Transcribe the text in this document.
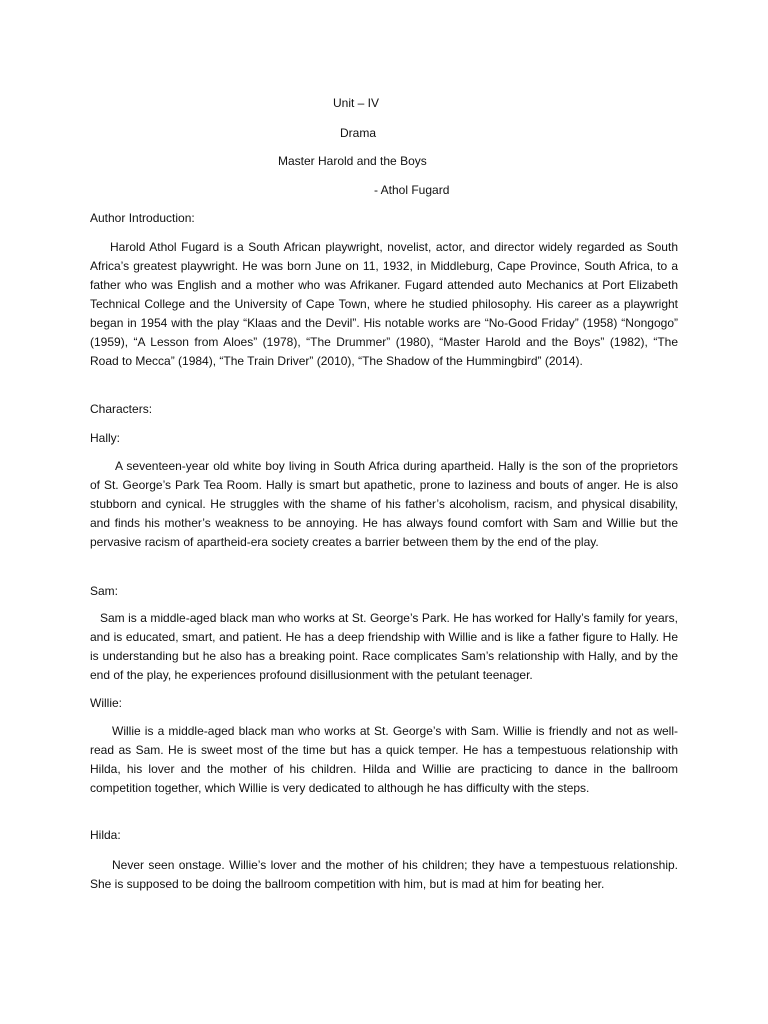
Unit – IV
Drama
Master Harold and the Boys
- Athol Fugard

Author Introduction:

Harold Athol Fugard is a South African playwright, novelist, actor, and director widely regarded as South Africa’s greatest playwright. He was born June on 11, 1932, in Middleburg, Cape Province, South Africa, to a father who was English and a mother who was Afrikaner. Fugard attended auto Mechanics at Port Elizabeth Technical College and the University of Cape Town, where he studied philosophy. His career as a playwright began in 1954 with the play “Klaas and the Devil”. His notable works are “No-Good Friday” (1958) “Nongogo” (1959), “A Lesson from Aloes” (1978), “The Drummer” (1980), “Master Harold and the Boys” (1982), “The Road to Mecca” (1984), “The Train Driver” (2010), “The Shadow of the Hummingbird” (2014).

Characters:

Hally:

A seventeen-year old white boy living in South Africa during apartheid. Hally is the son of the proprietors of St. George’s Park Tea Room. Hally is smart but apathetic, prone to laziness and bouts of anger. He is also stubborn and cynical. He struggles with the shame of his father’s alcoholism, racism, and physical disability, and finds his mother’s weakness to be annoying. He has always found comfort with Sam and Willie but the pervasive racism of apartheid-era society creates a barrier between them by the end of the play.

Sam:

Sam is a middle-aged black man who works at St. George’s Park. He has worked for Hally’s family for years, and is educated, smart, and patient. He has a deep friendship with Willie and is like a father figure to Hally. He is understanding but he also has a breaking point. Race complicates Sam’s relationship with Hally, and by the end of the play, he experiences profound disillusionment with the petulant teenager.

Willie:

Willie is a middle-aged black man who works at St. George’s with Sam. Willie is friendly and not as well-read as Sam. He is sweet most of the time but has a quick temper. He has a tempestuous relationship with Hilda, his lover and the mother of his children. Hilda and Willie are practicing to dance in the ballroom competition together, which Willie is very dedicated to although he has difficulty with the steps.

Hilda:

Never seen onstage. Willie’s lover and the mother of his children; they have a tempestuous relationship. She is supposed to be doing the ballroom competition with him, but is mad at him for beating her.
